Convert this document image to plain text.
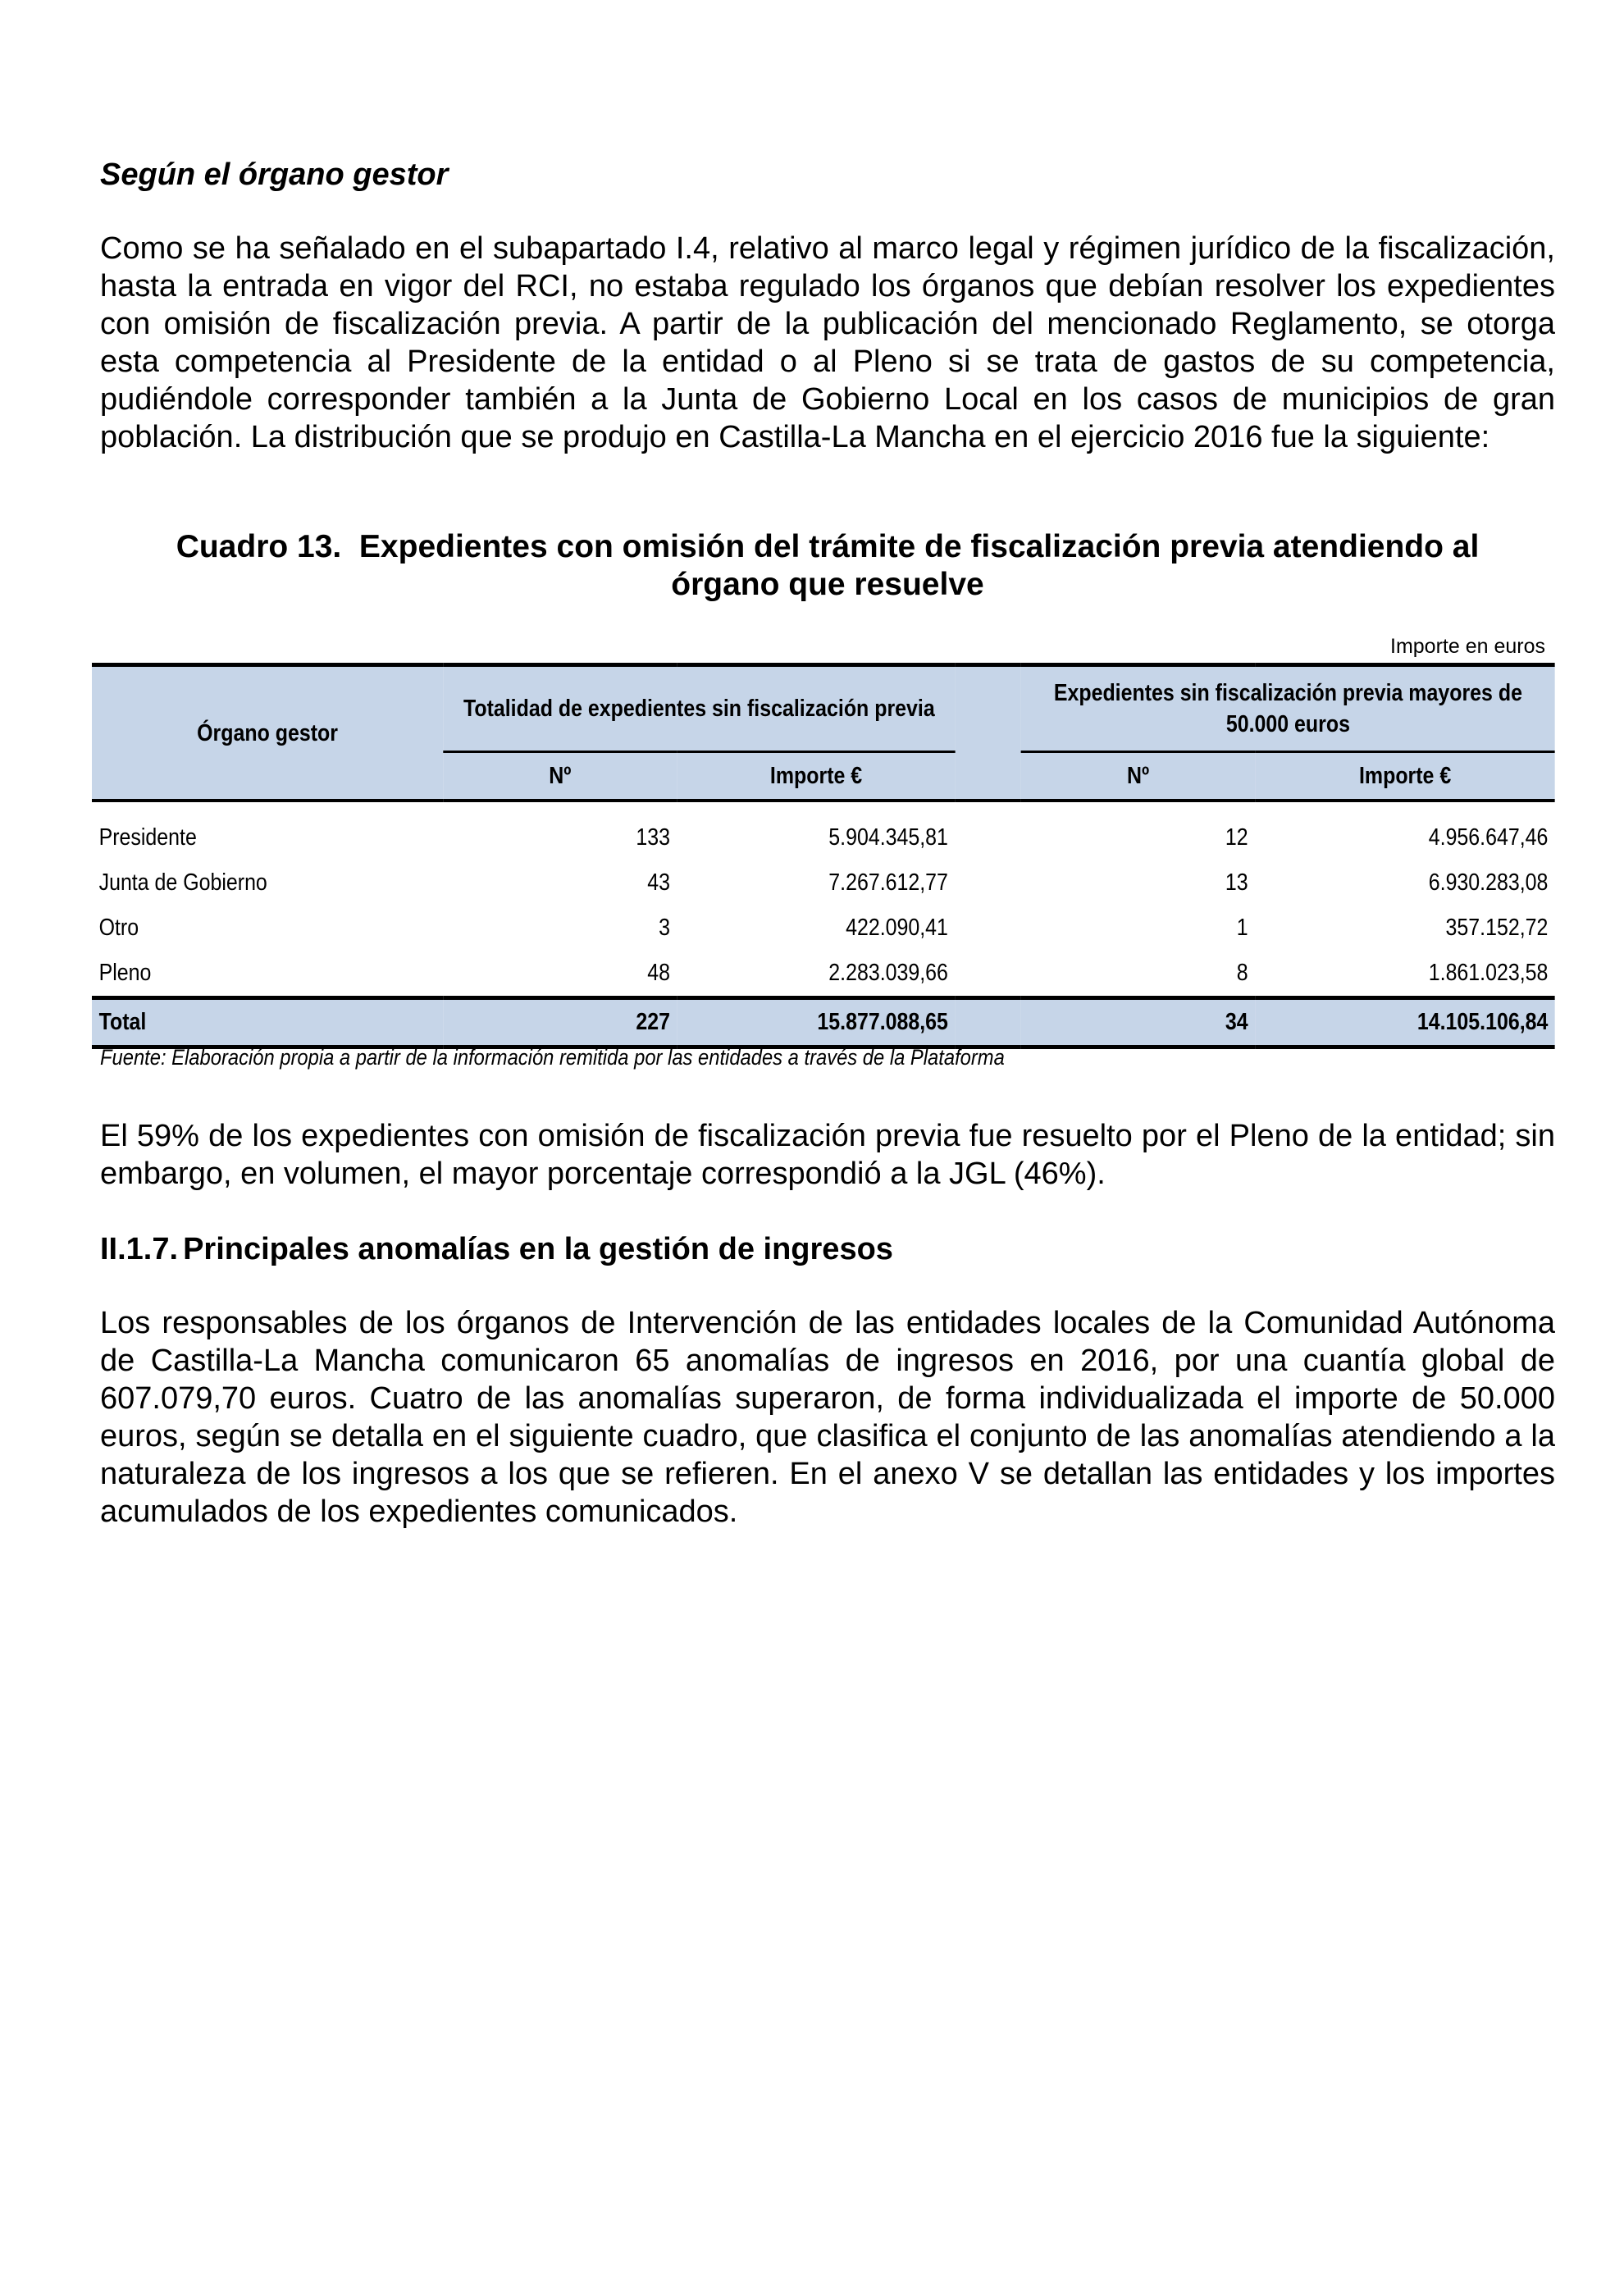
Según el órgano gestor

Como se ha señalado en el subapartado I.4, relativo al marco legal y régimen jurídico de la fiscalización, hasta la entrada en vigor del RCI, no estaba regulado los órganos que debían resolver los expedientes con omisión de fiscalización previa. A partir de la publicación del mencionado Reglamento, se otorga esta competencia al Presidente de la entidad o al Pleno si se trata de gastos de su competencia, pudiéndole corresponder también a la Junta de Gobierno Local en los casos de municipios de gran población. La distribución que se produjo en Castilla-La Mancha en el ejercicio 2016 fue la siguiente:

Cuadro 13. Expedientes con omisión del trámite de fiscalización previa atendiendo al
órgano que resuelve
Importe en euros
Órgano gestor	Totalidad de expedientes sin fiscalización previa			Expedientes sin fiscalización previa mayores de 50.000 euros	
	Nº	Importe €		Nº	Importe €
Presidente	133	5.904.345,81		12	4.956.647,46
Junta de Gobierno	43	7.267.612,77		13	6.930.283,08
Otro	3	422.090,41		1	357.152,72
Pleno	48	2.283.039,66		8	1.861.023,58
Total	227	15.877.088,65		34	14.105.106,84
Fuente: Elaboración propia a partir de la información remitida por las entidades a través de la Plataforma

El 59% de los expedientes con omisión de fiscalización previa fue resuelto por el Pleno de la entidad; sin embargo, en volumen, el mayor porcentaje correspondió a la JGL (46%).

II.1.7. Principales anomalías en la gestión de ingresos

Los responsables de los órganos de Intervención de las entidades locales de la Comunidad Autónoma de Castilla-La Mancha comunicaron 65 anomalías de ingresos en 2016, por una cuantía global de 607.079,70 euros. Cuatro de las anomalías superaron, de forma individualizada el importe de 50.000 euros, según se detalla en el siguiente cuadro, que clasifica el conjunto de las anomalías atendiendo a la naturaleza de los ingresos a los que se refieren. En el anexo V se detallan las entidades y los importes acumulados de los expedientes comunicados.
